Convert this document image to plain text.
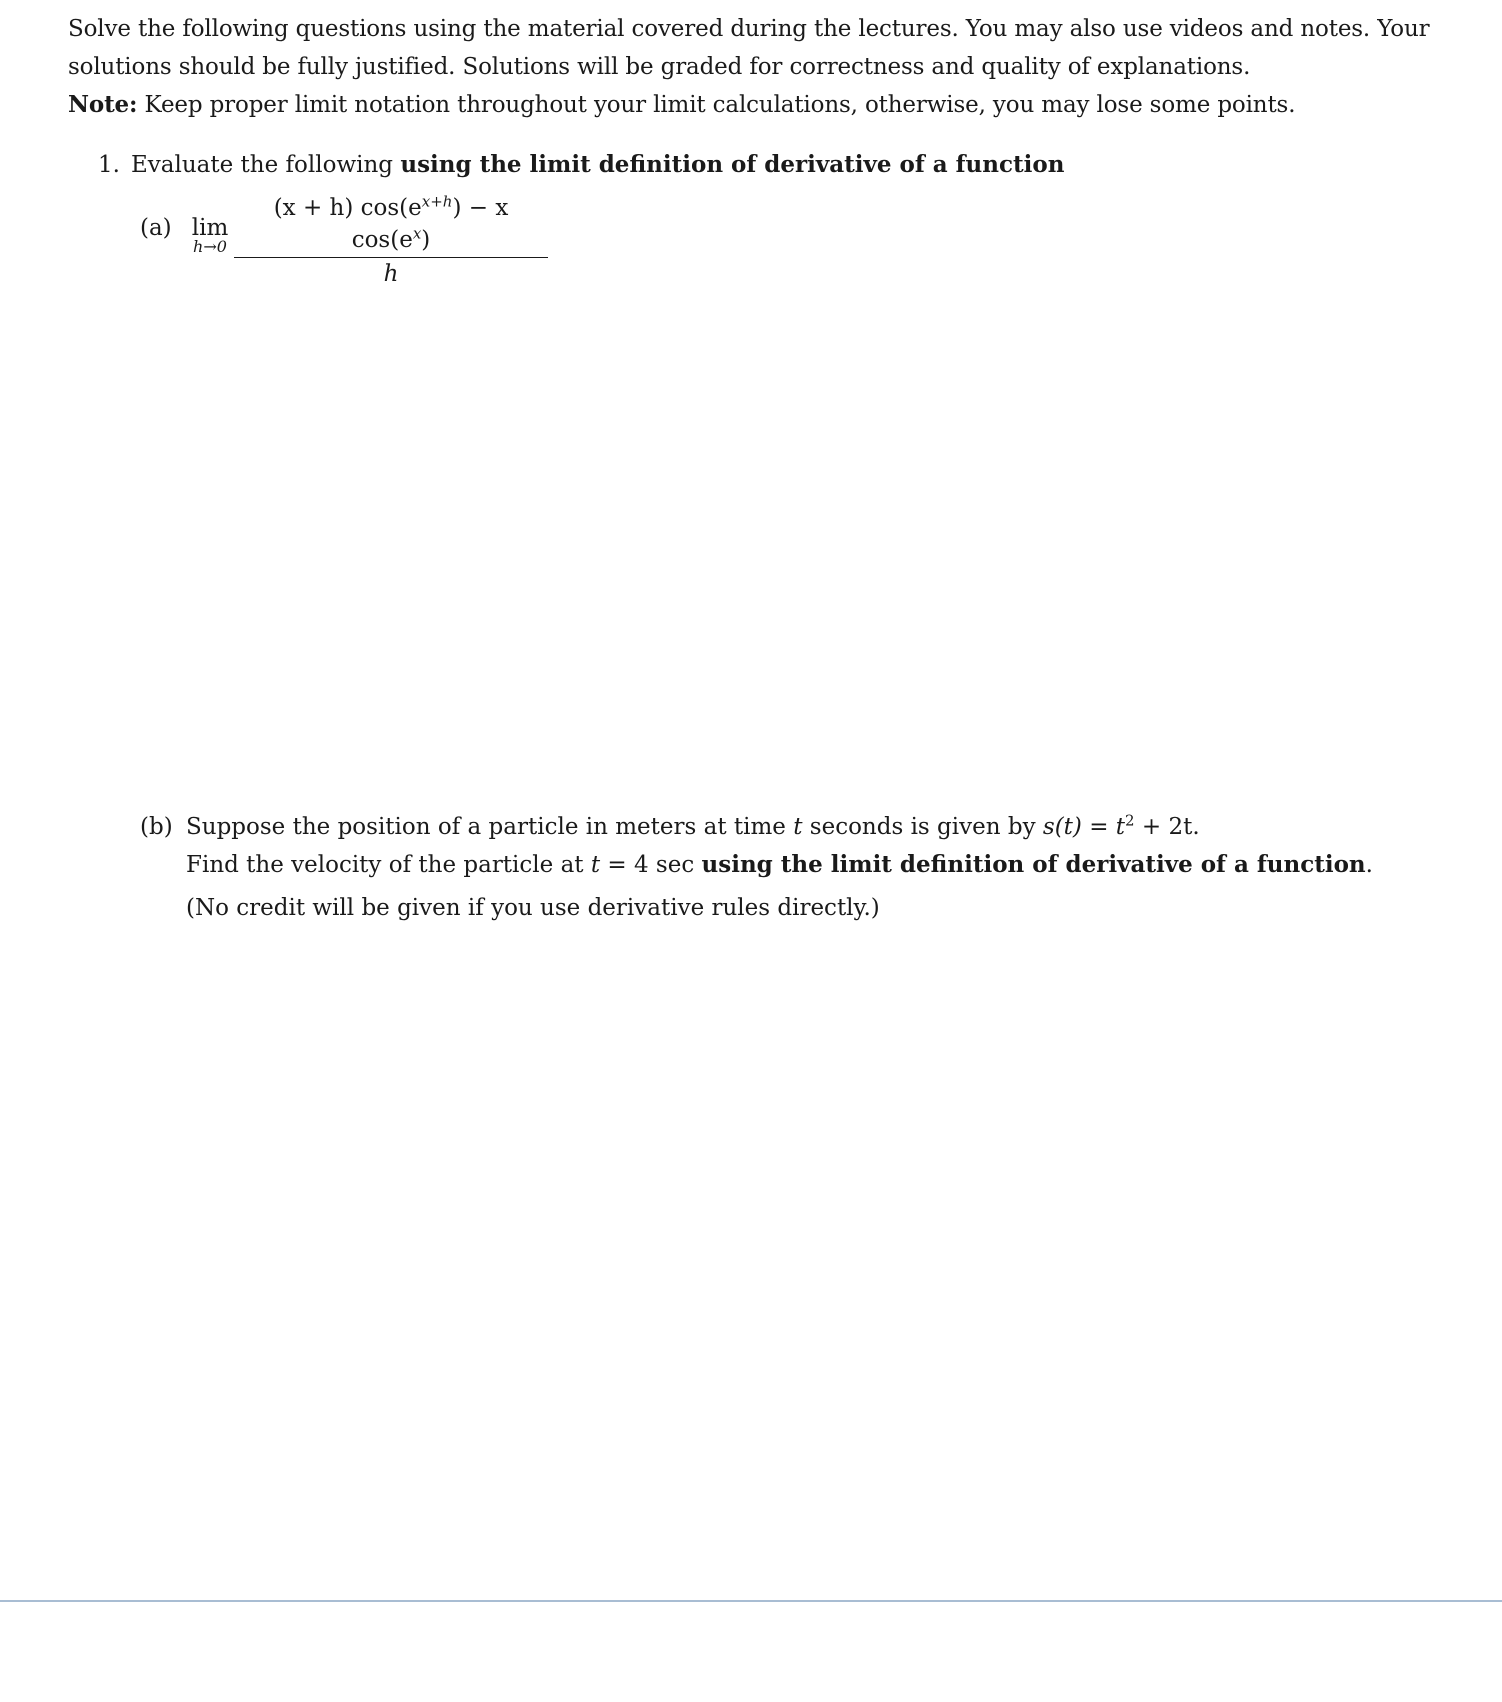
Solve the following questions using the material covered during the lectures. You may also use videos and notes. Your

solutions should be fully justified. Solutions will be graded for correctness and quality of explanations.

Note: Keep proper limit notation throughout your limit calculations, otherwise, you may lose some points.

1. Evaluate the following using the limit definition of derivative of a function
(a) lim
$h\to 0 \frac{(x + h) \cos(e^{x+h}) - x \cos(e^x)}{h}$
(b) Suppose the position of a particle in meters at time t seconds is given by $s(t) = t^2 + 2t$.

Find the velocity of the particle at t = 4 sec using the limit definition of derivative of a function.

(No credit will be given if you use derivative rules directly.)
